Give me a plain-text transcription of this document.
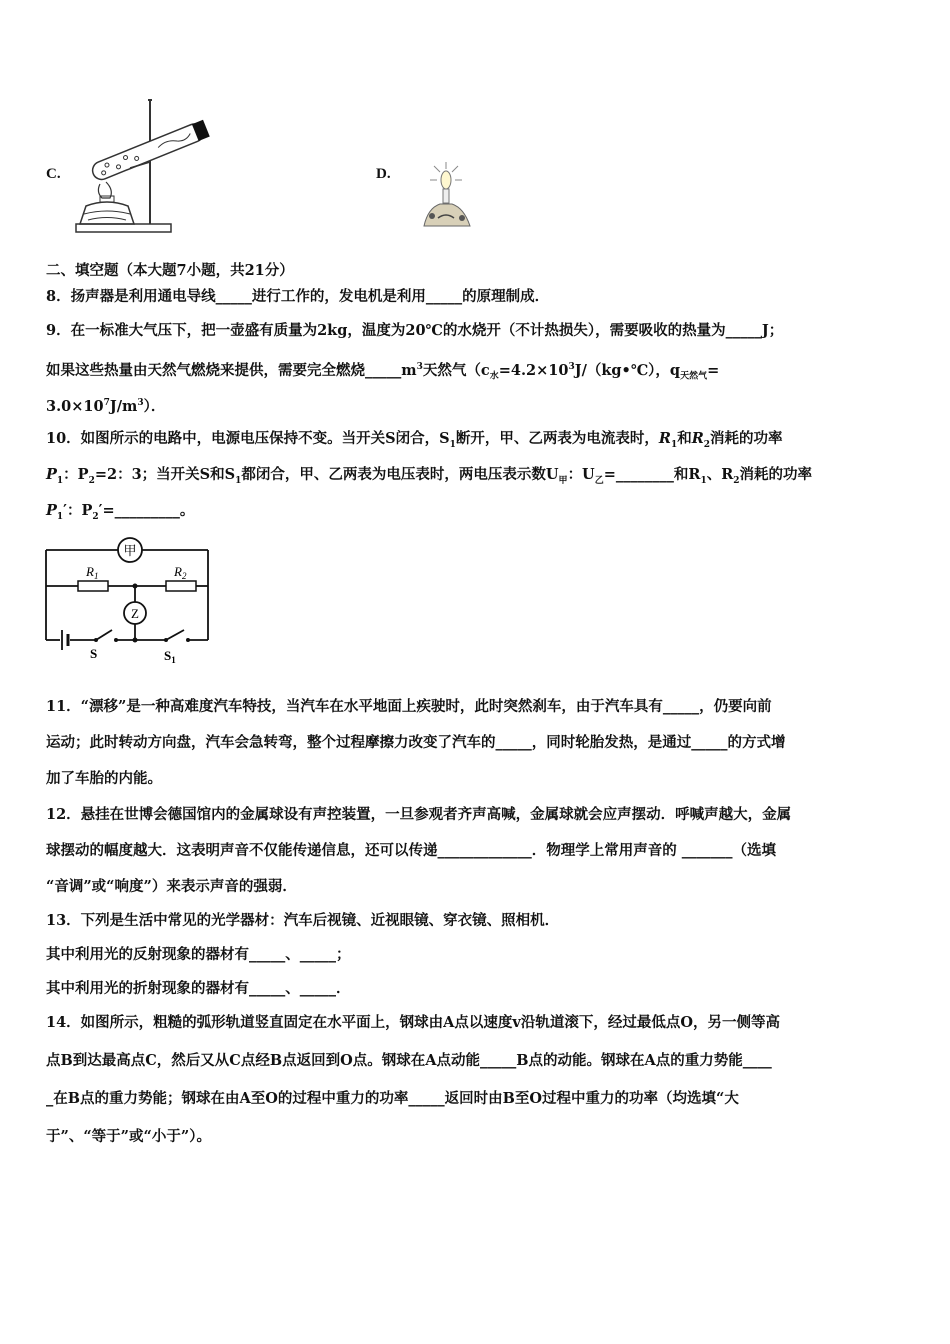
C.	D.
二、填空题（本大题7小题，共21分）
8．扬声器是利用通电导线_____进行工作的，发电机是利用_____的原理制成．
9．在一标准大气压下，把一壶盛有质量为2kg，温度为20℃的水烧开（不计热损失），需要吸收的热量为_____J；
如果这些热量由天然气燃烧来提供，需要完全燃烧$\_\_\_\_\_m^3$天然气（$c_水=4.2\times 10^3J/(kg•℃)$，$q_{天然气}=$
$3.0\times 10^7J/m^3$）．
10．如图所示的电路中，电源电压保持不变。当开关S闭合，$S_1$断开，甲、乙两表为电流表时，$R_1$和$R_2$消耗的功率
$P_1$：$P_2=2$：3；当开关S和$S_1$都闭合，甲、乙两表为电压表时，两电压表示数$U_甲$：$U_乙=\_\_\_\_\_\_\_\_$和$R_1$、$R_2$消耗的功率
$P_1'$：$P_2'=\_\_\_\_\_\_\_\_\_$。
甲
Z
$R_1$	$R_2$
S	$S_1$
11．“漂移”是一种高难度汽车特技，当汽车在水平地面上疾驶时，此时突然刹车，由于汽车具有_____，仍要向前
运动；此时转动方向盘，汽车会急转弯，整个过程摩擦力改变了汽车的_____，同时轮胎发热，是通过_____的方式增
加了车胎的内能。
12．悬挂在世博会德国馆内的金属球设有声控装置，一旦参观者齐声高喊，金属球就会应声摆动．呼喊声越大，金属
球摆动的幅度越大．这表明声音不仅能传递信息，还可以传递_____________．物理学上常用声音的 _______（选填
“音调”或“响度”）来表示声音的强弱．
13．下列是生活中常见的光学器材：汽车后视镜、近视眼镜、穿衣镜、照相机．
其中利用光的反射现象的器材有_____、_____；
其中利用光的折射现象的器材有_____、_____．
14．如图所示，粗糙的弧形轨道竖直固定在水平面上，钢球由A点以速度v沿轨道滚下，经过最低点O，另一侧等高
点B到达最高点C，然后又从C点经B点返回到O点。钢球在A点动能_____B点的动能。钢球在A点的重力势能____
_在B点的重力势能；钢球在由A至O的过程中重力的功率_____返回时由B至O过程中重力的功率（均选填“大
于”、“等于”或“小于”）。
